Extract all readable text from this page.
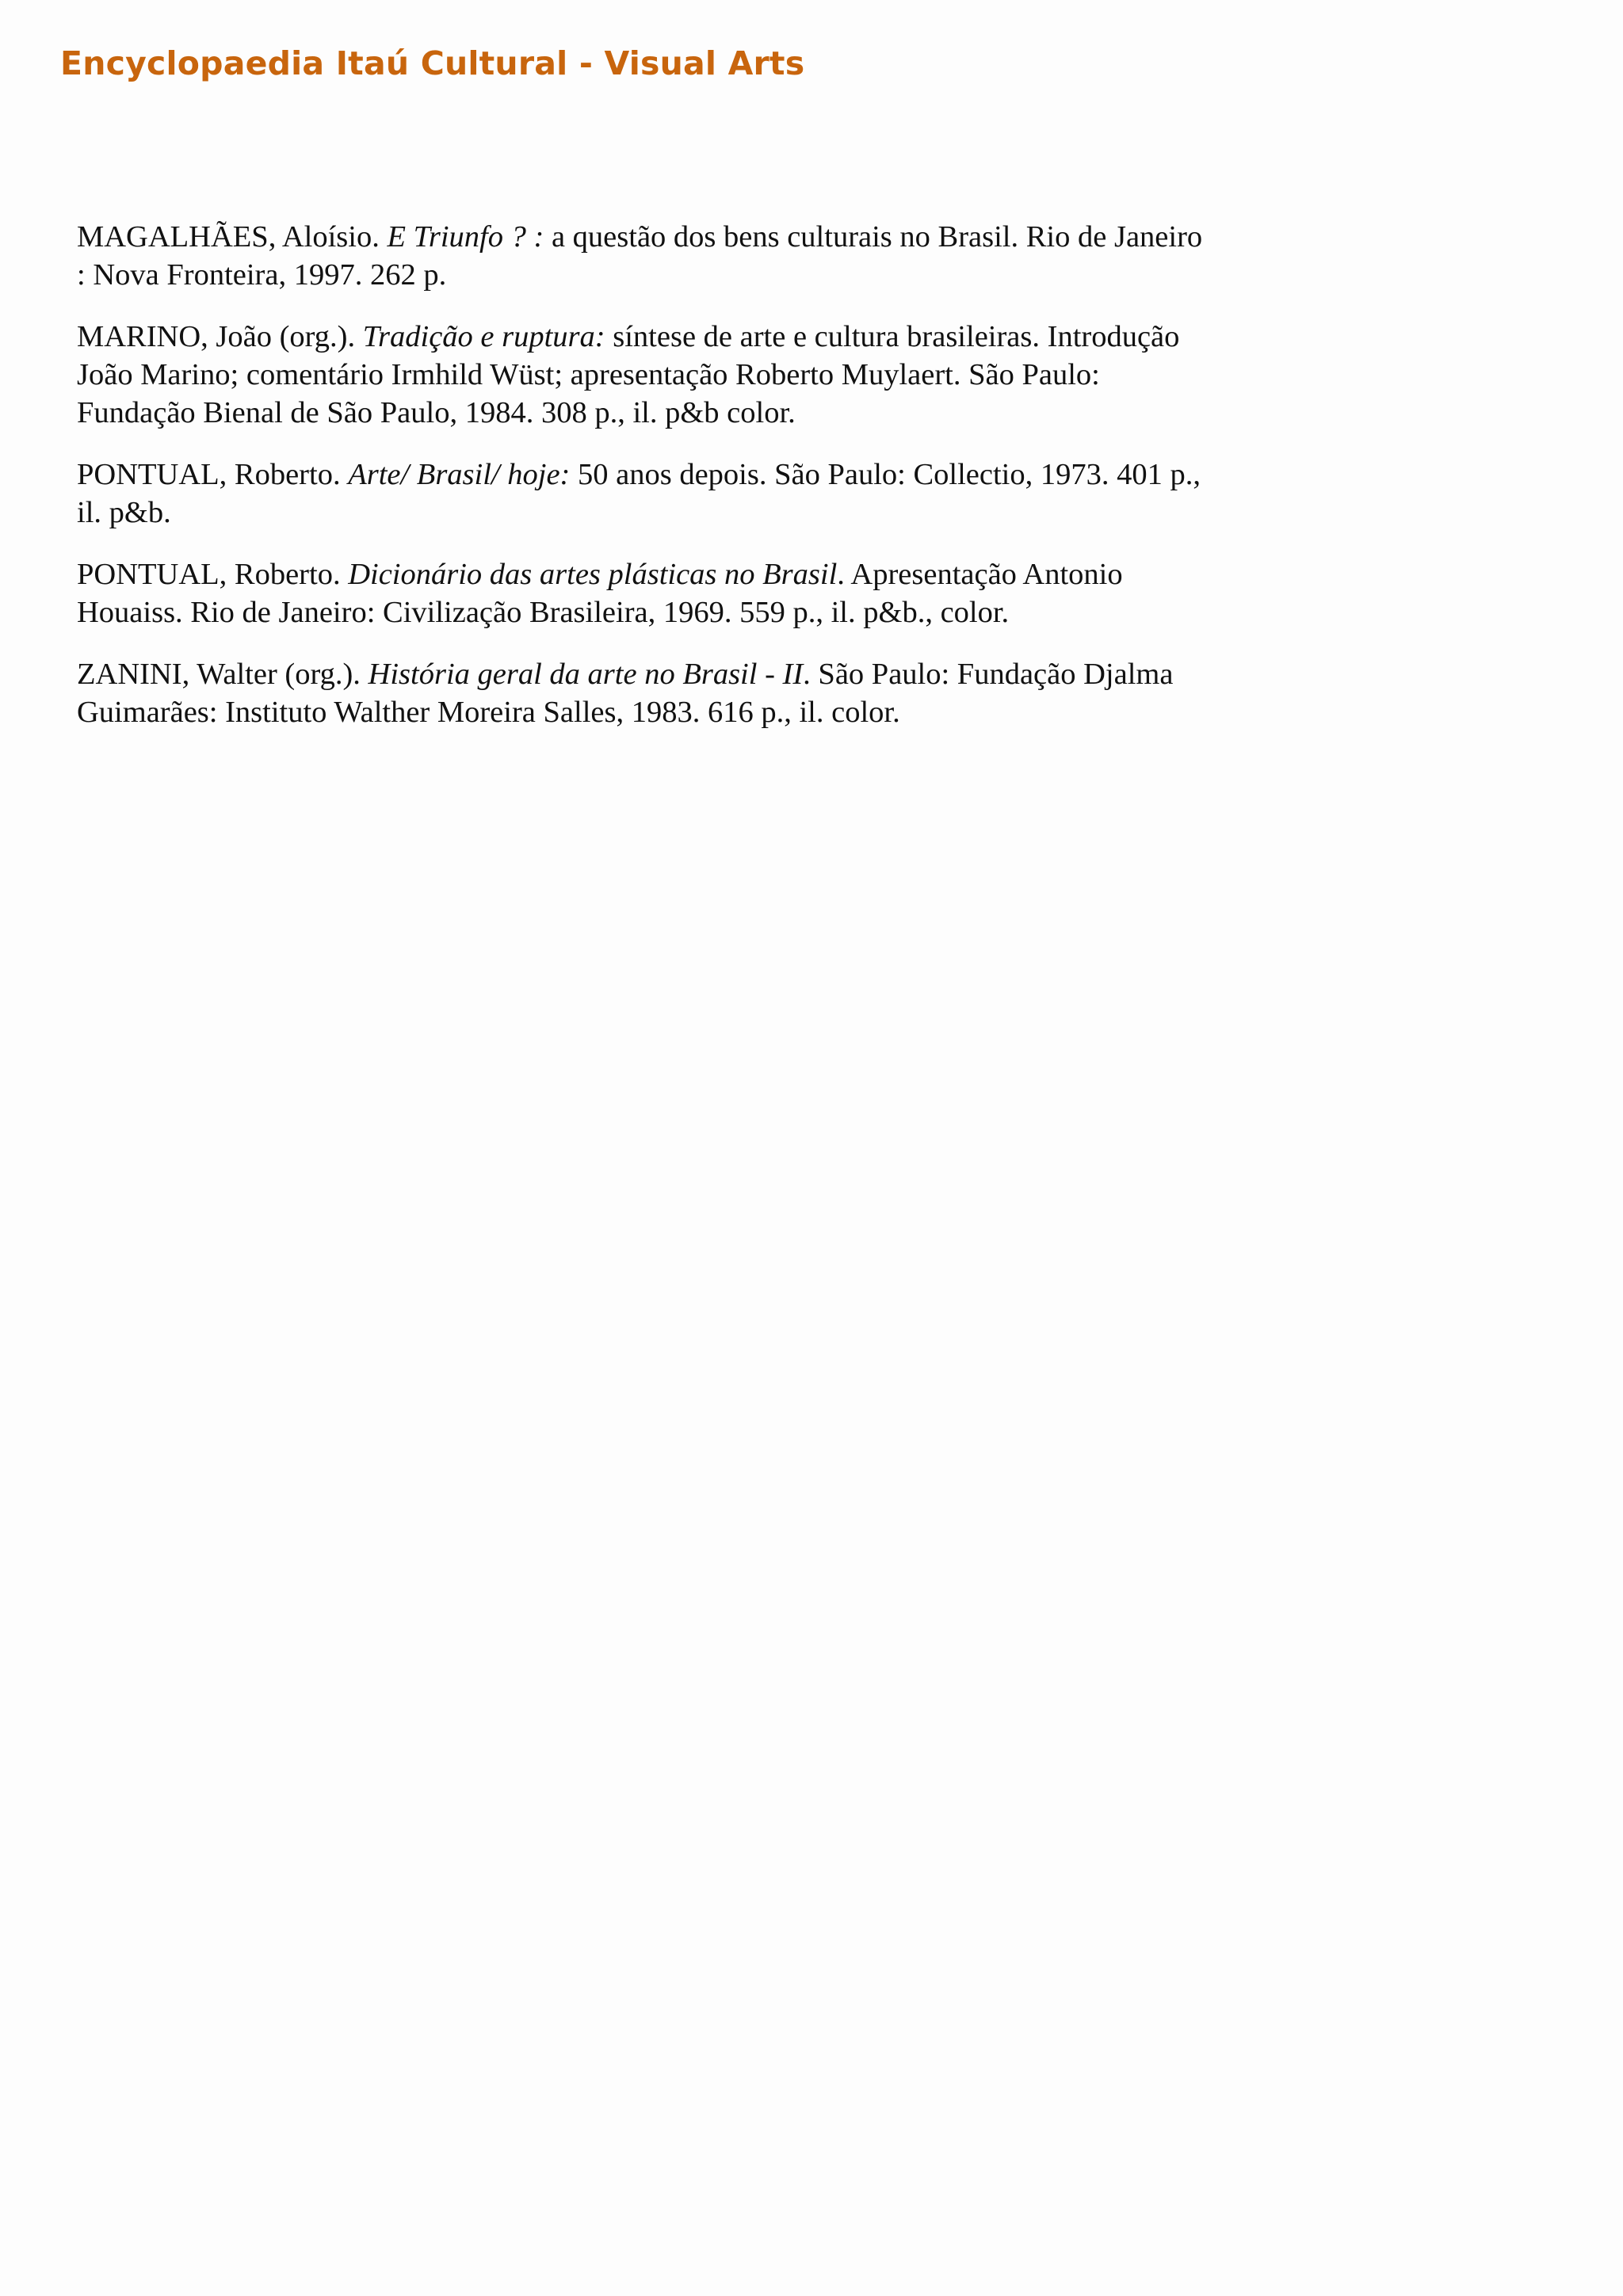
Encyclopaedia Itaú Cultural - Visual Arts

MAGALHÃES, Aloísio. E Triunfo ? : a questão dos bens culturais no Brasil. Rio de Janeiro
: Nova Fronteira, 1997. 262 p.

MARINO, João (org.). Tradição e ruptura: síntese de arte e cultura brasileiras. Introdução
João Marino; comentário Irmhild Wüst; apresentação Roberto Muylaert. São Paulo:
Fundação Bienal de São Paulo, 1984. 308 p., il. p&b color.

PONTUAL, Roberto. Arte/ Brasil/ hoje: 50 anos depois. São Paulo: Collectio, 1973. 401 p.,
il. p&b.

PONTUAL, Roberto. Dicionário das artes plásticas no Brasil. Apresentação Antonio
Houaiss. Rio de Janeiro: Civilização Brasileira, 1969. 559 p., il. p&b., color.

ZANINI, Walter (org.). História geral da arte no Brasil - II. São Paulo: Fundação Djalma
Guimarães: Instituto Walther Moreira Salles, 1983. 616 p., il. color.
